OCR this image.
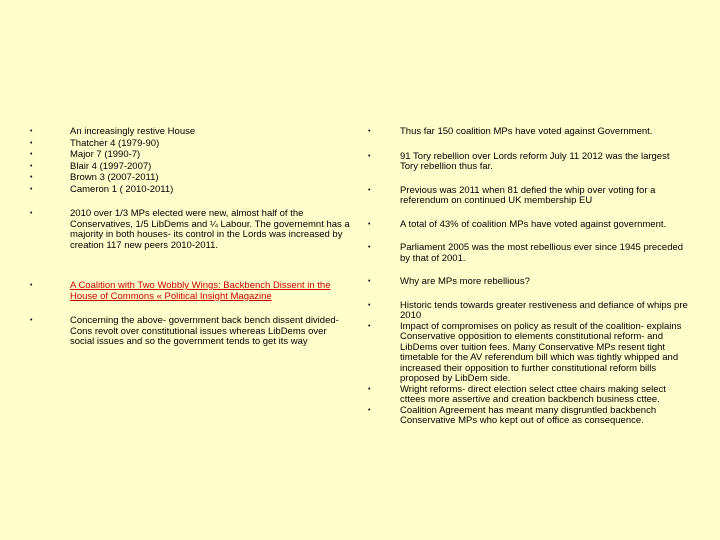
•	An increasingly restive House
•	Thatcher 4 (1979-90)
•	Major 7 (1990-7)
•	Blair 4 (1997-2007)
•	Brown 3 (2007-2011)
•	Cameron 1 ( 2010-2011)
•	2010 over 1/3 MPs elected were new, almost half of the Conservatives, 1/5 LibDems and ¼ Labour. The governemnt has a majority in both houses- its control in the Lords was increased by creation 117 new peers 2010-2011.
•	A Coalition with Two Wobbly Wings: Backbench Dissent in the House of Commons « Political Insight Magazine
•	Concerning the above- government back bench dissent divided- Cons revolt over constitutional issues whereas LibDems over social issues and so the government tends to get its way
•	Thus far 150 coalition MPs have voted against Government.
•	91 Tory rebellion over Lords reform July 11 2012 was the largest Tory rebellion thus far.
•	Previous was 2011 when 81 defied the whip over voting for a referendum on continued UK membership EU
•	A total of 43% of coalition MPs have voted against government.
•	Parliament 2005 was the most rebellious ever since 1945 preceded by that of 2001.
•	Why are MPs more rebellious?
•	Historic tends towards greater restiveness and defiance of whips pre 2010
•	Impact of compromises on policy as result of the coalition- explains Conservative opposition to elements constitutional reform- and LibDems over tuition fees. Many Conservative MPs resent tight timetable for the AV referendum bill which was tightly whipped and increased their opposition to further constitutional reform bills proposed by LibDem side.
•	Wright reforms- direct election select cttee chairs making select cttees more assertive and creation backbench business cttee.
•	Coalition Agreement has meant many disgruntled backbench Conservative MPs who kept out of office as consequence.
